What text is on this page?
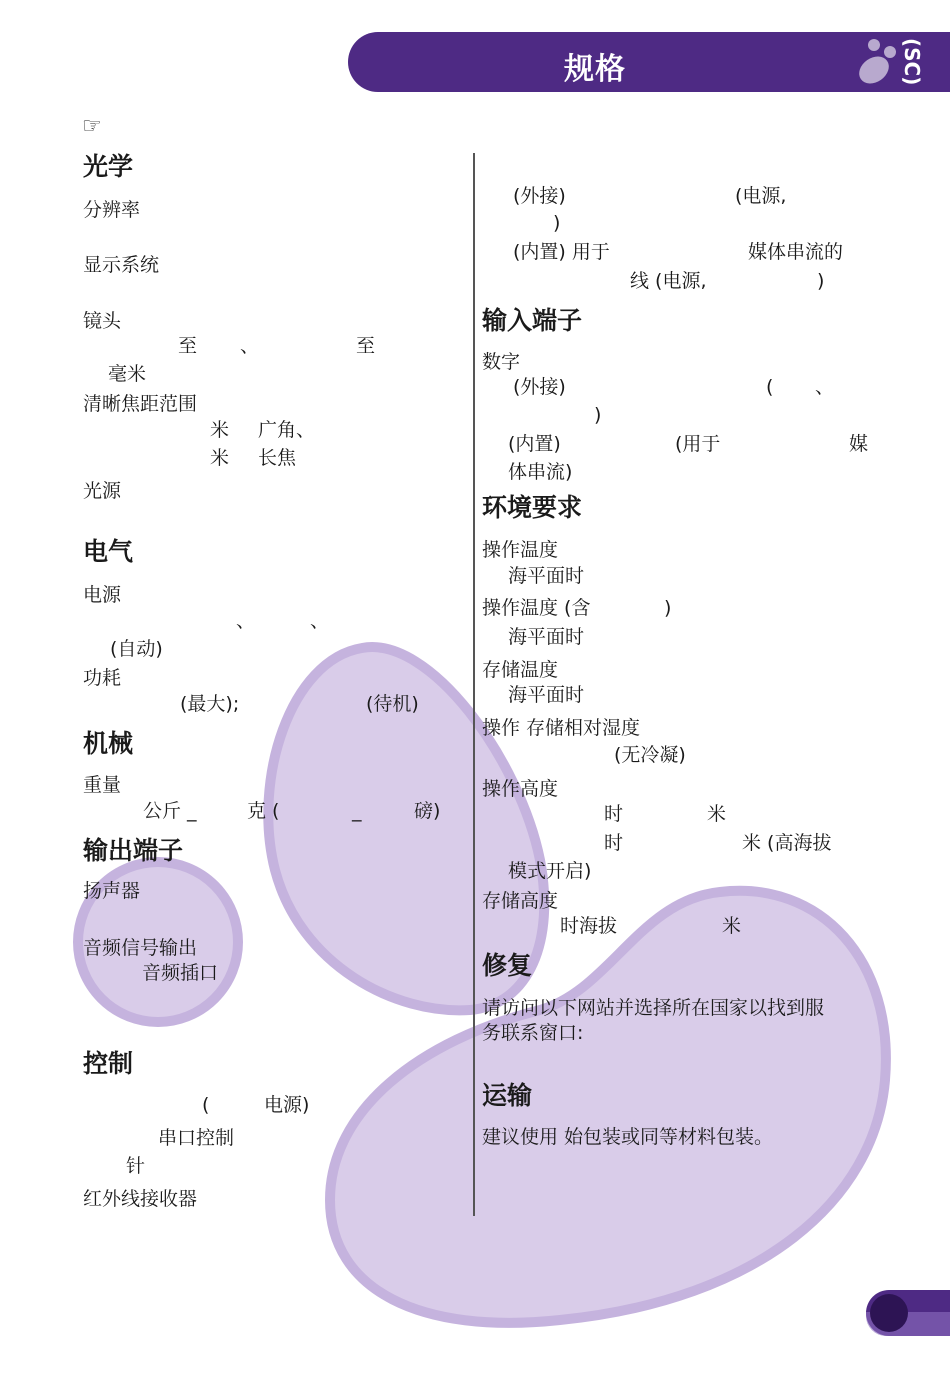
规格	(SC)
☞
光学
分辨率
显示系统
镜头
至 、	至
毫米
清晰焦距范围
米 广角、
米 长焦
光源
电气
电源
、	、
(自动)
功耗
(最大);	(待机)
机械
重量
公斤 _	克 (	_	磅)
输出端子
扬声器
音频信号输出
音频插口
控制
(	电源)
串口控制
针
红外线接收器
(外接)	(电源,
)
(内置) 用于	媒体串流的
线 (电源,	)
输入端子
数字
(外接)	( 、
)
(内置)	(用于	媒
体串流)
环境要求
操作温度
海平面时
操作温度 (含	)
海平面时
存储温度
海平面时
操作 存储相对湿度
(无冷凝)
操作高度
时	米
时	米 (高海拔
模式开启)
存储高度
时海拔	米
修复
请访问以下网站并选择所在国家以找到服
务联系窗口:
运输
建议使用 始包装或同等材料包装。
